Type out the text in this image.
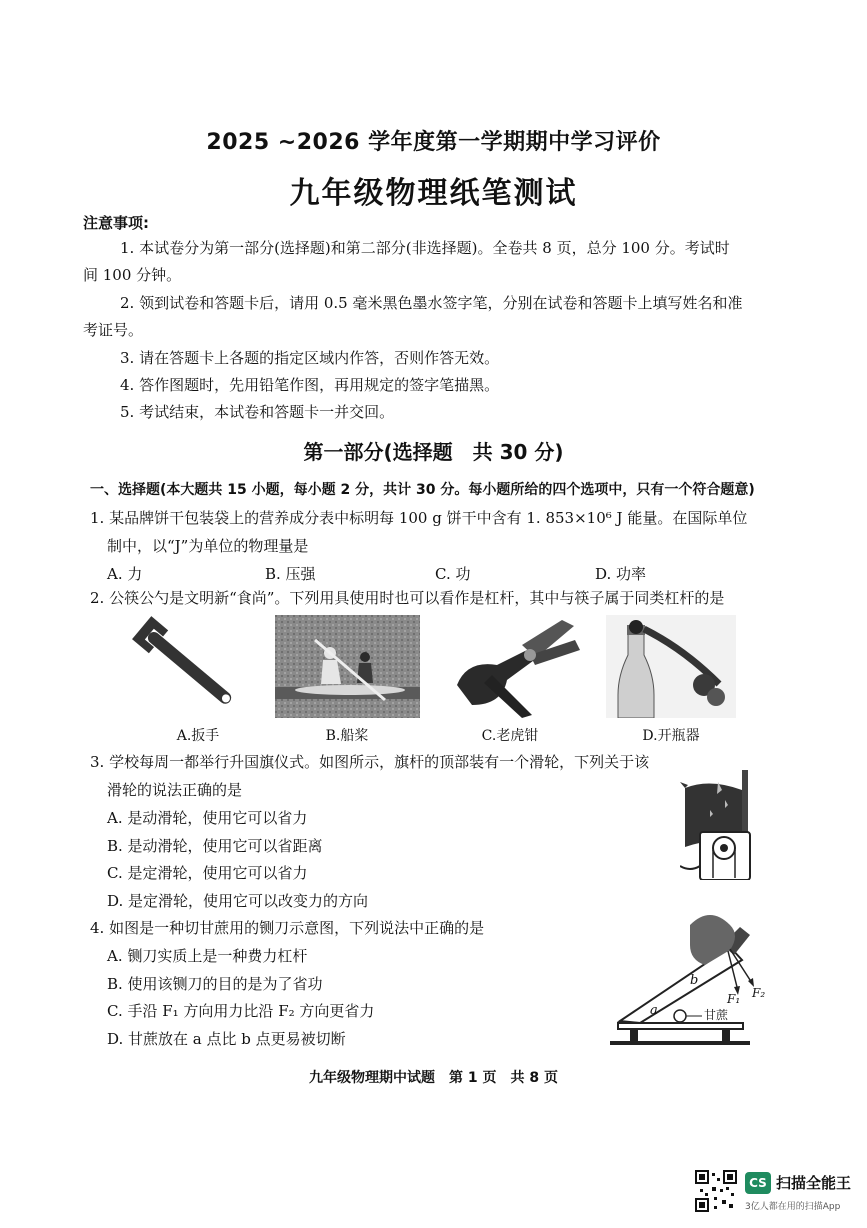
2025 ~2026 学年度第一学期期中学习评价
九年级物理纸笔测试
注意事项:
1. 本试卷分为第一部分(选择题)和第二部分(非选择题)。全卷共 8 页，总分 100 分。考试时
间 100 分钟。
2. 领到试卷和答题卡后，请用 0.5 毫米黑色墨水签字笔，分别在试卷和答题卡上填写姓名和准
考证号。
3. 请在答题卡上各题的指定区域内作答，否则作答无效。
4. 答作图题时，先用铅笔作图，再用规定的签字笔描黑。
5. 考试结束，本试卷和答题卡一并交回。
第一部分(选择题　共 30 分)
一、选择题(本大题共 15 小题，每小题 2 分，共计 30 分。每小题所给的四个选项中，只有一个符合题意)
1. 某品牌饼干包装袋上的营养成分表中标明每 100 g 饼干中含有 1. 853×10⁶ J 能量。在国际单位
制中，以“J”为单位的物理量是
A. 力	B. 压强	C. 功	D. 功率
2. 公筷公勺是文明新“食尚”。下列用具使用时也可以看作是杠杆，其中与筷子属于同类杠杆的是
A.扳手	B.船桨	C.老虎钳	D.开瓶器
3. 学校每周一都举行升国旗仪式。如图所示，旗杆的顶部装有一个滑轮，下列关于该
滑轮的说法正确的是
A. 是动滑轮，使用它可以省力
B. 是动滑轮，使用它可以省距离
C. 是定滑轮，使用它可以省力
D. 是定滑轮，使用它可以改变力的方向
4. 如图是一种切甘蔗用的铡刀示意图，下列说法中正确的是
A. 铡刀实质上是一种费力杠杆
B. 使用该铡刀的目的是为了省功
C. 手沿 F₁ 方向用力比沿 F₂ 方向更省力
D. 甘蔗放在 a 点比 b 点更易被切断
a
b
甘蔗
F₁ F₂
九年级物理期中试题　第 1 页　共 8 页
CS 扫描全能王
3亿人都在用的扫描App
